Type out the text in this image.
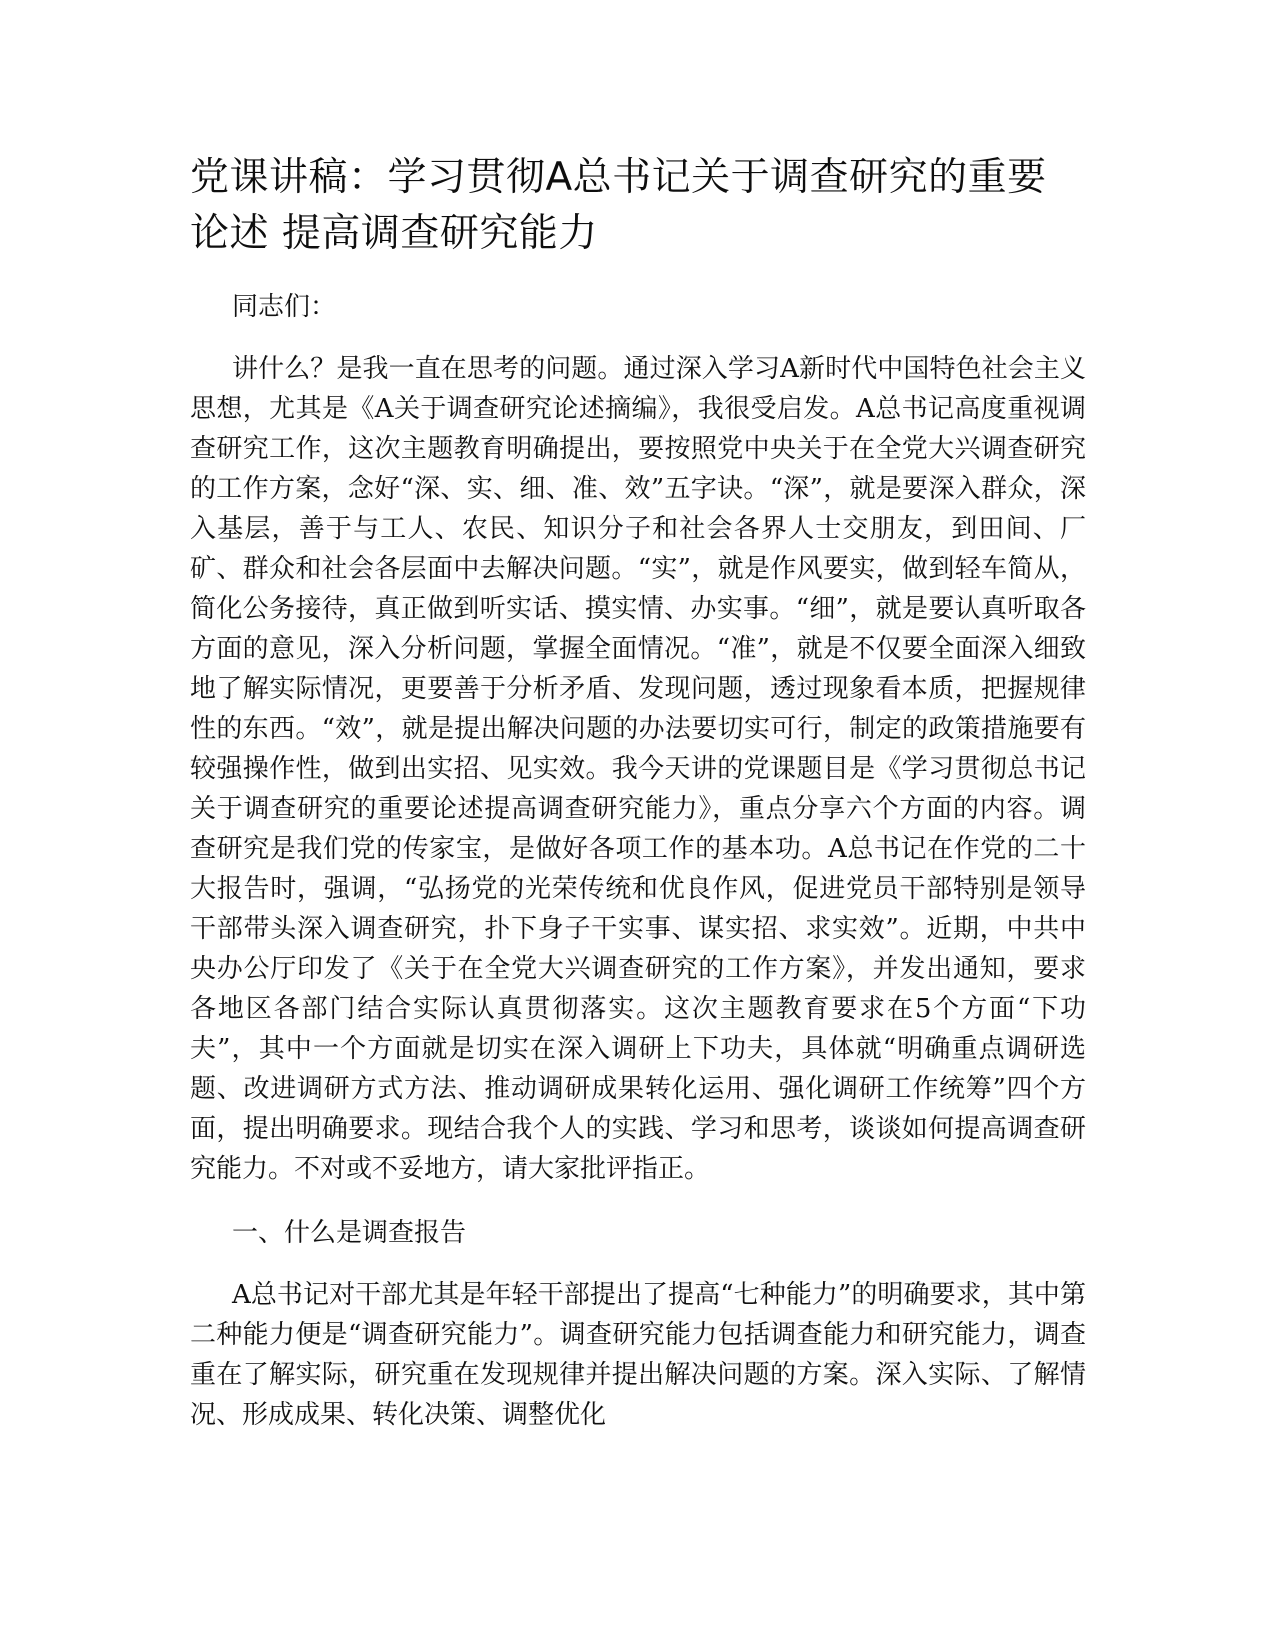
党课讲稿：学习贯彻A总书记关于调查研究的重要论述 提高调查研究能力

同志们：

讲什么？是我一直在思考的问题。通过深入学习A新时代中国特色社会主义思想，尤其是《A关于调查研究论述摘编》，我很受启发。A总书记高度重视调查研究工作，这次主题教育明确提出，要按照党中央关于在全党大兴调查研究的工作方案，念好“深、实、细、准、效”五字诀。“深”，就是要深入群众，深入基层，善于与工人、农民、知识分子和社会各界人士交朋友，到田间、厂矿、群众和社会各层面中去解决问题。“实”，就是作风要实，做到轻车简从，简化公务接待，真正做到听实话、摸实情、办实事。“细”，就是要认真听取各方面的意见，深入分析问题，掌握全面情况。“准”，就是不仅要全面深入细致地了解实际情况，更要善于分析矛盾、发现问题，透过现象看本质，把握规律性的东西。“效”，就是提出解决问题的办法要切实可行，制定的政策措施要有较强操作性，做到出实招、见实效。我今天讲的党课题目是《学习贯彻总书记关于调查研究的重要论述提高调查研究能力》，重点分享六个方面的内容。调查研究是我们党的传家宝，是做好各项工作的基本功。A总书记在作党的二十大报告时，强调，“弘扬党的光荣传统和优良作风，促进党员干部特别是领导干部带头深入调查研究，扑下身子干实事、谋实招、求实效”。近期，中共中央办公厅印发了《关于在全党大兴调查研究的工作方案》，并发出通知，要求各地区各部门结合实际认真贯彻落实。这次主题教育要求在5个方面“下功夫”，其中一个方面就是切实在深入调研上下功夫，具体就“明确重点调研选题、改进调研方式方法、推动调研成果转化运用、强化调研工作统筹”四个方面，提出明确要求。现结合我个人的实践、学习和思考，谈谈如何提高调查研究能力。不对或不妥地方，请大家批评指正。

一、什么是调查报告

A总书记对干部尤其是年轻干部提出了提高“七种能力”的明确要求，其中第二种能力便是“调查研究能力”。调查研究能力包括调查能力和研究能力，调查重在了解实际，研究重在发现规律并提出解决问题的方案。深入实际、了解情况、形成成果、转化决策、调整优化
